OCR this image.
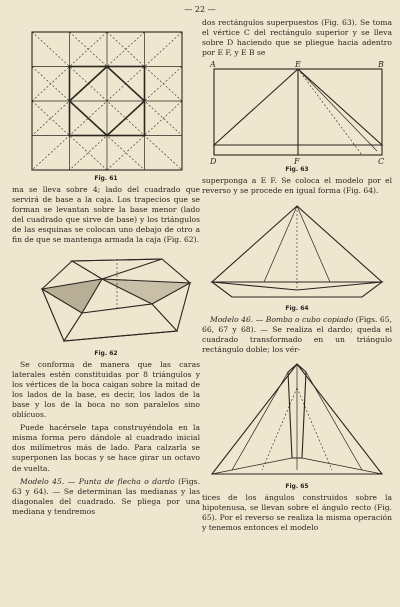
— 22 —
Fig. 61

ma se lleva sobre 4; lado del cuadrado que servirá de base a la caja. Los trapecios que se forman se levantan sobre la base menor (lado del cuadrado que sirve de base) y los triángulos de las esquinas se colocan uno debajo de otro a fin de que se mantenga armada la caja (Fig. 62).

Fig. 62

Se conforma de manera que las caras laterales estén constituidas por 8 triángulos y los vértices de la boca caigan sobre la mitad de los lados de la base, es decir, los lados de la base y los de la boca no son paralelos sino oblícuos.

Puede hacérsele tapa construyéndola en la misma forma pero dándole al cuadrado inicial dos milímetros más de lado. Para calzarla se superponen las bocas y se hace girar un octavo de vuelta.

Modelo 45. — Punta de flecha o dardo (Figs. 63 y 64). — Se determinan las medianas y las diagonales del cuadrado. Se pliega por una mediana y tendremos

dos rectángulos superpuestos (Fig. 63). Se toma el vértice C del rectángulo superior y se lleva sobre D haciendo que se pliegue hacia adentro por E F, y E B se

A	E	B
D	F	C
Fig. 63

superponga a E F. Se coloca el modelo por el reverso y se procede en igual forma (Fig. 64).

Fig. 64

Modelo 46. — Bomba o cubo copiado (Figs. 65, 66, 67 y 68). — Se realiza el dardo; queda el cuadrado transformado en un triángulo rectángulo doble; los vér-

Fig. 65

tices de los ángulos construidos sobre la hipotenusa, se llevan sobre el ángulo recto (Fig. 65). Por el reverso se realiza la misma operación y tenemos entonces el modelo
